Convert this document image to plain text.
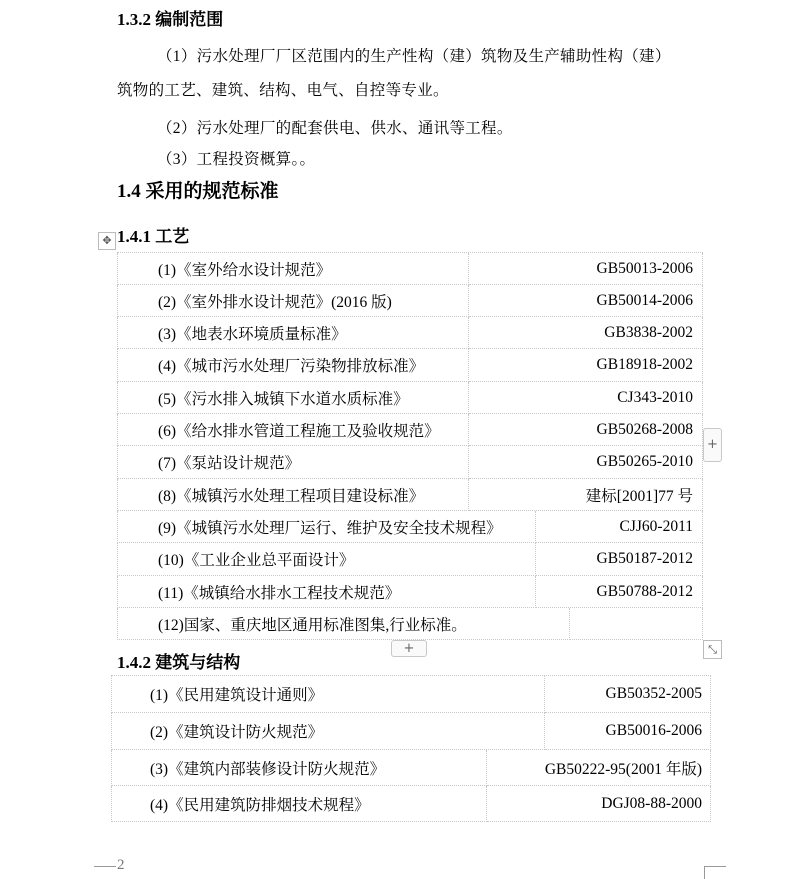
1.3.2 编制范围
（1）污水处理厂厂区范围内的生产性构（建）筑物及生产辅助性构（建）
筑物的工艺、建筑、结构、电气、自控等专业。
（2）污水处理厂的配套供电、供水、通讯等工程。
（3）工程投资概算。。
1.4 采用的规范标准
1.4.1 工艺
✥
(1)《室外给水设计规范》	GB50013-2006
(2)《室外排水设计规范》(2016 版)	GB50014-2006
(3)《地表水环境质量标准》	GB3838-2002
(4)《城市污水处理厂污染物排放标准》	GB18918-2002
(5)《污水排入城镇下水道水质标准》	CJ343-2010
(6)《给水排水管道工程施工及验收规范》	GB50268-2008
(7)《泵站设计规范》	GB50265-2010
(8)《城镇污水处理工程项目建设标准》	建标[2001]77 号
(9)《城镇污水处理厂运行、维护及安全技术规程》	CJJ60-2011
(10)《工业企业总平面设计》	GB50187-2012
(11)《城镇给水排水工程技术规范》	GB50788-2012
(12)国家、重庆地区通用标准图集,行业标准。
+
+	⤡
1.4.2 建筑与结构
(1)《民用建筑设计通则》	GB50352-2005
(2)《建筑设计防火规范》	GB50016-2006
(3)《建筑内部装修设计防火规范》	GB50222-95(2001 年版)
(4)《民用建筑防排烟技术规程》	DGJ08-88-2000
2
